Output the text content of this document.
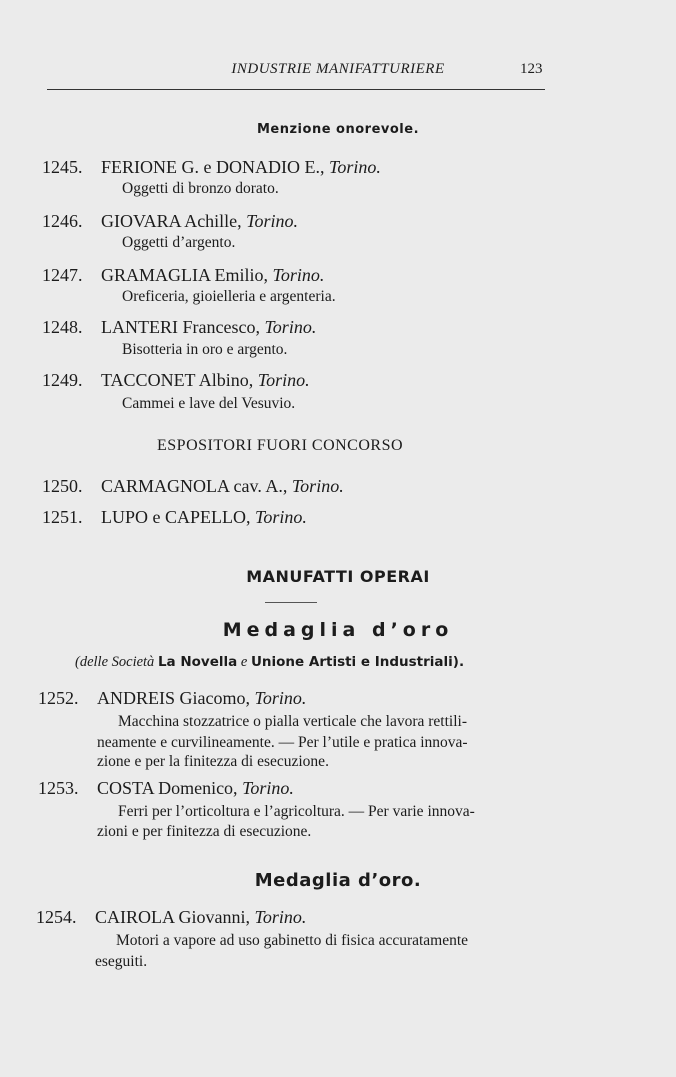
INDUSTRIE MANIFATTURIERE	123
Menzione onorevole.
1245. FERIONE G. e DONADIO E., Torino.
Oggetti di bronzo dorato.
1246. GIOVARA Achille, Torino.
Oggetti d’argento.
1247. GRAMAGLIA Emilio, Torino.
Oreficeria, gioielleria e argenteria.
1248. LANTERI Francesco, Torino.
Bisotteria in oro e argento.
1249. TACCONET Albino, Torino.
Cammei e lave del Vesuvio.
ESPOSITORI FUORI CONCORSO
1250. CARMAGNOLA cav. A., Torino.
1251. LUPO e CAPELLO, Torino.
MANUFATTI OPERAI
Medaglia d’oro
(delle Società La Novella e Unione Artisti e Industriali).
1252. ANDREIS Giacomo, Torino.
Macchina stozzatrice o pialla verticale che lavora rettili-
neamente e curvilineamente. — Per l’utile e pratica innova-
zione e per la finitezza di esecuzione.
1253. COSTA Domenico, Torino.
Ferri per l’orticoltura e l’agricoltura. — Per varie innova-
zioni e per finitezza di esecuzione.
Medaglia d’oro.
1254. CAIROLA Giovanni, Torino.
Motori a vapore ad uso gabinetto di fisica accuratamente
eseguiti.
